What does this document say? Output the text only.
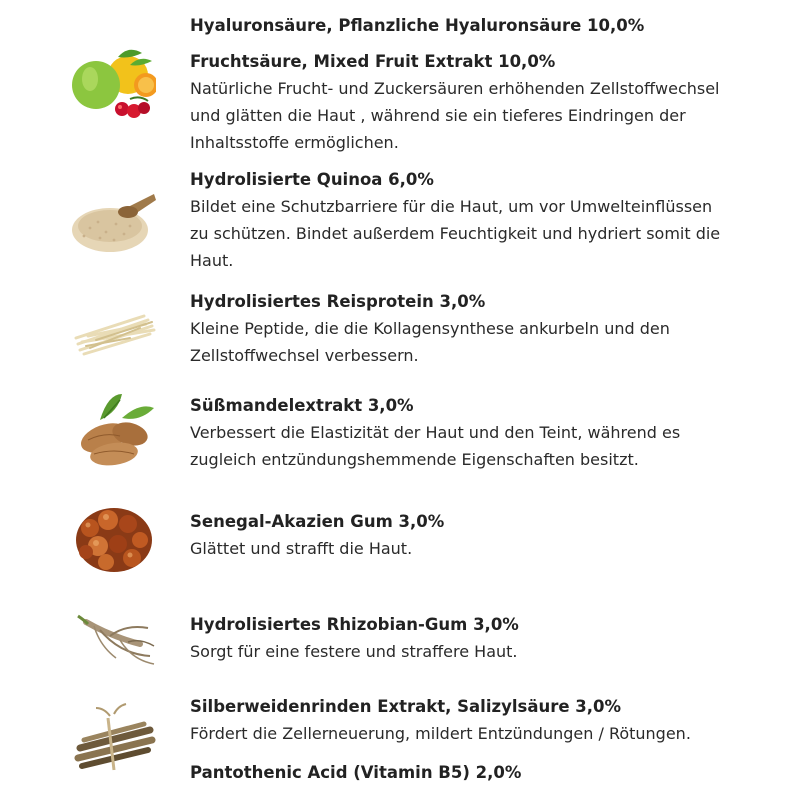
Hyaluronsäure, Pflanzliche Hyaluronsäure 10,0%
Fruchtsäure, Mixed Fruit Extrakt 10,0%
Natürliche Frucht- und Zuckersäuren erhöhenden Zellstoffwechsel
und glätten die Haut , während sie ein tieferes Eindringen der
Inhaltsstoffe ermöglichen.
Hydrolisierte Quinoa 6,0%
Bildet eine Schutzbarriere für die Haut, um vor Umwelteinflüssen
zu schützen. Bindet außerdem Feuchtigkeit und hydriert somit die
Haut.
Hydrolisiertes Reisprotein 3,0%
Kleine Peptide, die die Kollagensynthese ankurbeln und den
Zellstoffwechsel verbessern.
Süßmandelextrakt 3,0%
Verbessert die Elastizität der Haut und den Teint, während es
zugleich entzündungshemmende Eigenschaften besitzt.
Senegal-Akazien Gum 3,0%
Glättet und strafft die Haut.
Hydrolisiertes Rhizobian-Gum 3,0%
Sorgt für eine festere und straffere Haut.
Silberweidenrinden Extrakt, Salizylsäure 3,0%
Fördert die Zellerneuerung, mildert Entzündungen / Rötungen.
Pantothenic Acid (Vitamin B5) 2,0%
